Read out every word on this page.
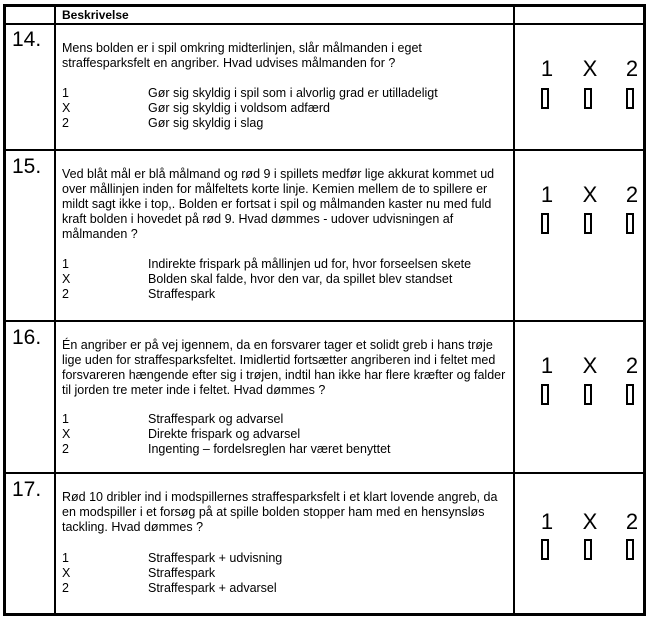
Beskrivelse
14. Mens bolden er i spil omkring midterlinjen, slår målmanden i eget straffesparksfelt en angriber. Hvad udvises målmanden for ?
1	Gør sig skyldig i spil som i alvorlig grad er utilladeligt
X	Gør sig skyldig i voldsom adfærd
2	Gør sig skyldig i slag
1	X	2
15. Ved blåt mål er blå målmand og rød 9 i spillets medfør lige akkurat kommet ud over mållinjen inden for målfeltets korte linje. Kemien mellem de to spillere er mildt sagt ikke i top,. Bolden er fortsat i spil og målmanden kaster nu med fuld kraft bolden i hovedet på rød 9. Hvad dømmes - udover udvisningen af målmanden ?
1	Indirekte frispark på mållinjen ud for, hvor forseelsen skete
X	Bolden skal falde, hvor den var, da spillet blev standset
2	Straffespark
1	X	2
16. Én angriber er på vej igennem, da en forsvarer tager et solidt greb i hans trøje lige uden for straffesparksfeltet. Imidlertid fortsætter angriberen ind i feltet med forsvareren hængende efter sig i trøjen, indtil han ikke har flere kræfter og falder til jorden tre meter inde i feltet. Hvad dømmes ?
1	Straffespark og advarsel
X	Direkte frispark og advarsel
2	Ingenting – fordelsreglen har været benyttet
1	X	2
17. Rød 10 dribler ind i modspillernes straffesparksfelt i et klart lovende angreb, da en modspiller i et forsøg på at spille bolden stopper ham med en hensynsløs tackling. Hvad dømmes ?
1	Straffespark + udvisning
X	Straffespark
2	Straffespark + advarsel
1	X	2
